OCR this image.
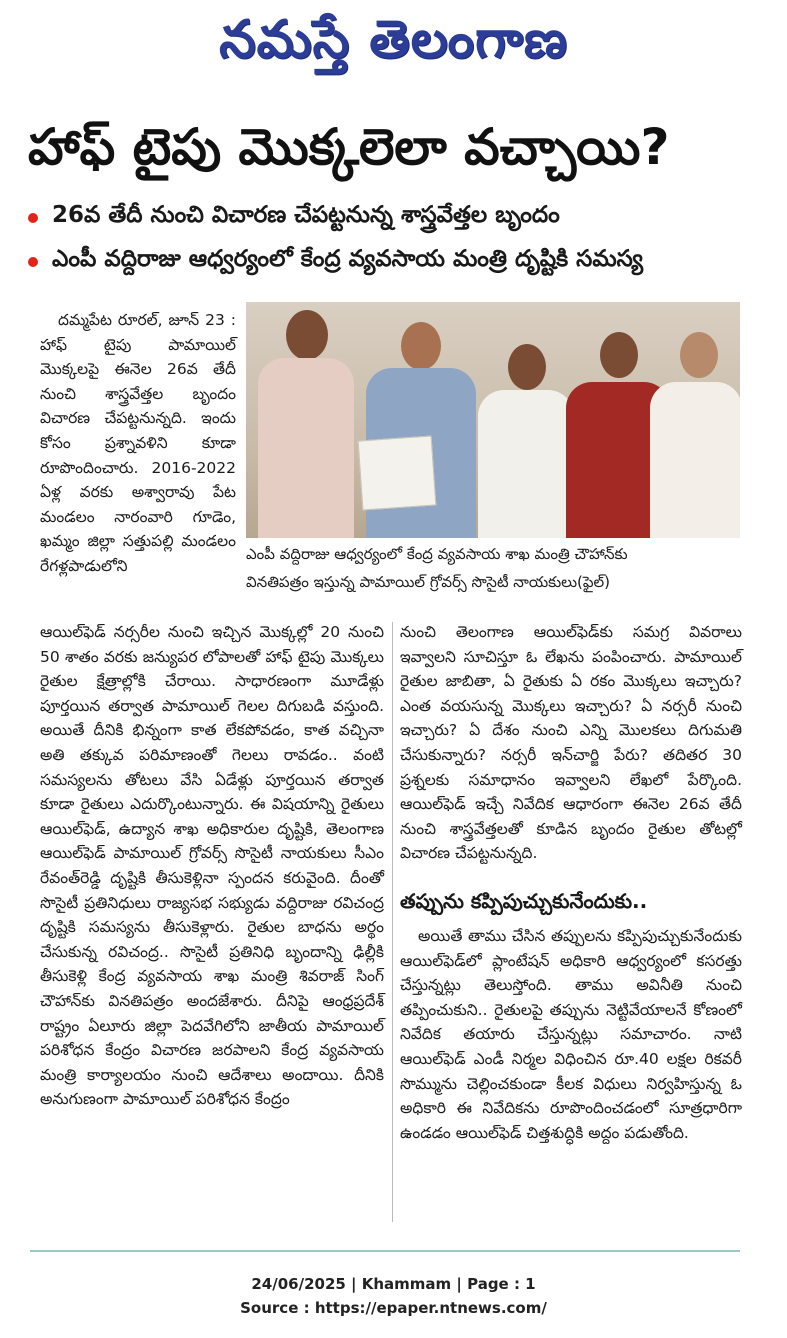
నమస్తే తెలంగాణ
హాఫ్ టైపు మొక్కలెలా వచ్చాయి?
26వ తేదీ నుంచి విచారణ చేపట్టనున్న శాస్త్రవేత్తల బృందం
ఎంపీ వద్దిరాజు ఆధ్వర్యంలో కేంద్ర వ్యవసాయ మంత్రి దృష్టికి సమస్య
ఎంపీ వద్దిరాజు ఆధ్వర్యంలో కేంద్ర వ్యవసాయ శాఖ మంత్రి చౌహాన్‌కు
వినతిపత్రం ఇస్తున్న పామాయిల్ గ్రోవర్స్ సొసైటీ నాయకులు(ఫైల్)

దమ్మపేట రూరల్, జూన్ 23 : హాఫ్ టైపు పామాయిల్ మొక్కలపై ఈనెల 26వ తేదీ నుంచి శాస్త్రవేత్తల బృందం విచారణ చేపట్టనున్నది. ఇందు కోసం ప్రశ్నావళిని కూడా రూపొందించారు. 2016-2022 ఏళ్ల వరకు అశ్వారావు పేట మండలం నారంవారి గూడెం, ఖమ్మం జిల్లా సత్తుపల్లి మండలం రేగళ్లపాడులోని

ఆయిల్‌ఫెడ్ నర్సరీల నుంచి ఇచ్చిన మొక్కల్లో 20 నుంచి 50 శాతం వరకు జన్యుపర లోపాలతో హాఫ్ టైపు మొక్కలు రైతుల క్షేత్రాల్లోకి చేరాయి. సాధారణంగా మూడేళ్లు పూర్తయిన తర్వాత పామాయిల్ గెలల దిగుబడి వస్తుంది. అయితే దీనికి భిన్నంగా కాత లేకపోవడం, కాత వచ్చినా అతి తక్కువ పరిమాణంతో గెలలు రావడం.. వంటి సమస్యలను తోటలు వేసి ఏడేళ్లు పూర్తయిన తర్వాత కూడా రైతులు ఎదుర్కొంటున్నారు. ఈ విషయాన్ని రైతులు ఆయిల్‌ఫెడ్, ఉద్యాన శాఖ అధికారుల దృష్టికి, తెలంగాణ ఆయిల్‌ఫెడ్ పామాయిల్ గ్రోవర్స్ సొసైటీ నాయకులు సీఎం రేవంత్‌రెడ్డి దృష్టికి తీసుకెళ్లినా స్పందన కరువైంది. దీంతో సొసైటీ ప్రతినిధులు రాజ్యసభ సభ్యుడు వద్దిరాజు రవిచంద్ర దృష్టికి సమస్యను తీసుకెళ్లారు. రైతుల బాధను అర్థం చేసుకున్న రవిచంద్ర.. సొసైటీ ప్రతినిధి బృందాన్ని ఢిల్లీకి తీసుకెళ్లి కేంద్ర వ్యవసాయ శాఖ మంత్రి శివరాజ్ సింగ్ చౌహాన్‌కు వినతిపత్రం అందజేశారు. దీనిపై ఆంధ్రప్రదేశ్ రాష్ట్రం ఏలూరు జిల్లా పెదవేగిలోని జాతీయ పామాయిల్ పరిశోధన కేంద్రం విచారణ జరపాలని కేంద్ర వ్యవసాయ మంత్రి కార్యాలయం నుంచి ఆదేశాలు అందాయి. దీనికి అనుగుణంగా పామాయిల్ పరిశోధన కేంద్రం

నుంచి తెలంగాణ ఆయిల్‌ఫెడ్‌కు సమగ్ర వివరాలు ఇవ్వాలని సూచిస్తూ ఓ లేఖను పంపించారు. పామాయిల్ రైతుల జాబితా, ఏ రైతుకు ఏ రకం మొక్కలు ఇచ్చారు? ఎంత వయసున్న మొక్కలు ఇచ్చారు? ఏ నర్సరీ నుంచి ఇచ్చారు? ఏ దేశం నుంచి ఎన్ని మొలకలు దిగుమతి చేసుకున్నారు? నర్సరీ ఇన్‌చార్జి పేరు? తదితర 30 ప్రశ్నలకు సమాధానం ఇవ్వాలని లేఖలో పేర్కొంది. ఆయిల్‌ఫెడ్ ఇచ్చే నివేదిక ఆధారంగా ఈనెల 26వ తేదీ నుంచి శాస్త్రవేత్తలతో కూడిన బృందం రైతుల తోటల్లో విచారణ చేపట్టనున్నది.

తప్పును కప్పిపుచ్చుకునేందుకు..

అయితే తాము చేసిన తప్పులను కప్పిపుచ్చుకునేందుకు ఆయిల్‌ఫెడ్‌లో ప్లాంటేషన్ అధికారి ఆధ్వర్యంలో కసరత్తు చేస్తున్నట్లు తెలుస్తోంది. తాము అవినీతి నుంచి తప్పించుకుని.. రైతులపై తప్పును నెట్టివేయాలనే కోణంలో నివేదిక తయారు చేస్తున్నట్లు సమాచారం. నాటి ఆయిల్‌ఫెడ్ ఎండీ నిర్మల విధించిన రూ.40 లక్షల రికవరీ సొమ్మును చెల్లించకుండా కీలక విధులు నిర్వహిస్తున్న ఓ అధికారి ఈ నివేదికను రూపొందించడంలో సూత్రధారిగా ఉండడం ఆయిల్‌ఫెడ్ చిత్తశుద్ధికి అద్దం పడుతోంది.

24/06/2025 | Khammam | Page : 1
Source : https://epaper.ntnews.com/
